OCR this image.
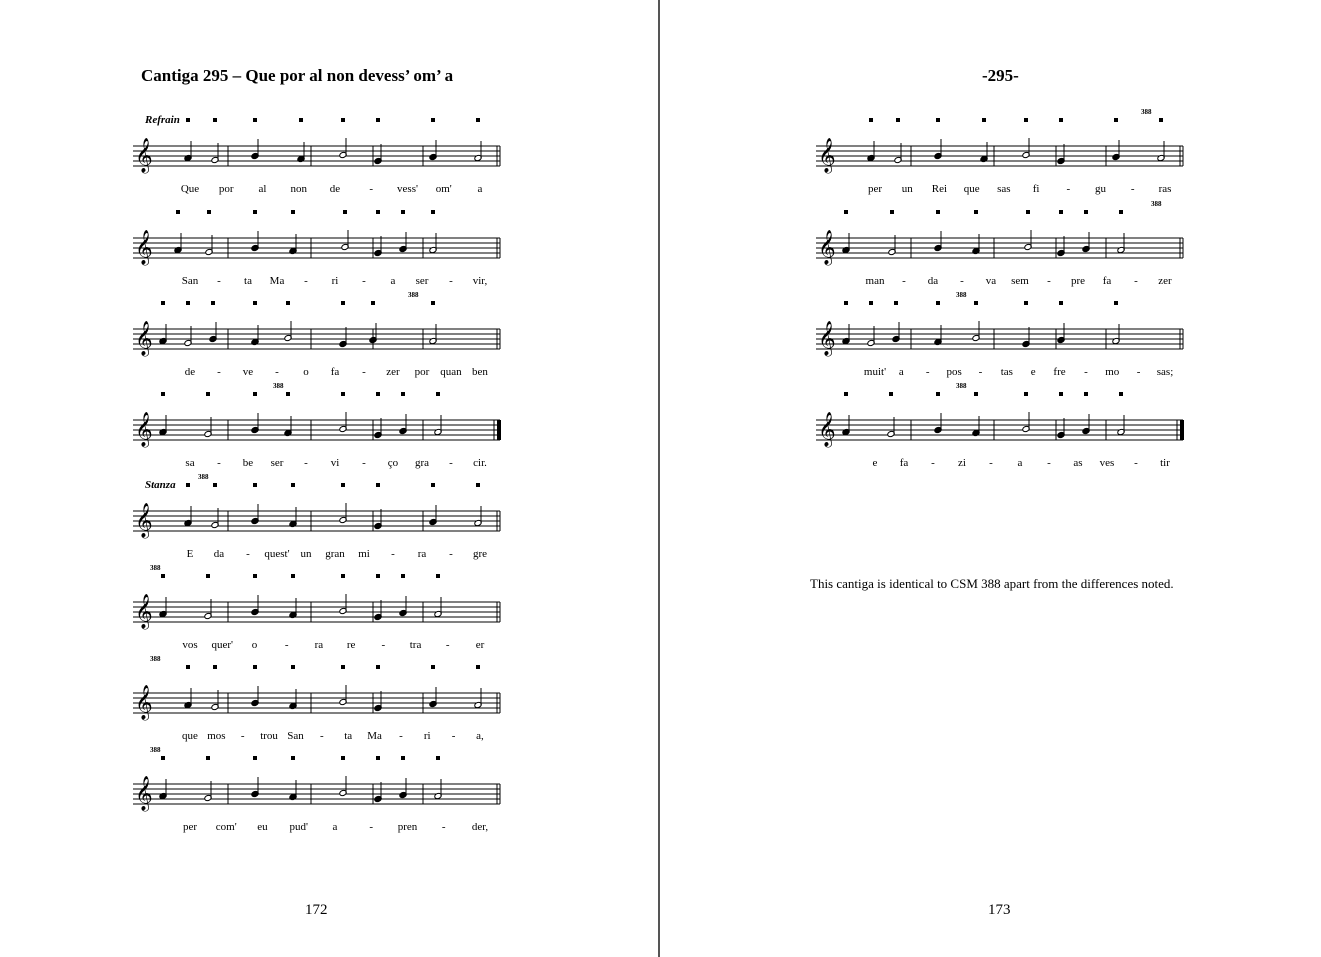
Cantiga 295 – Que por al non devess’ om’ a
𝄞
Refrain
Que por al non de	- vess' om' a
𝄞
San - ta Ma - ri - a ser - vir,
𝄞
388
de - ve - o fa - zer por quan ben
𝄞
388
sa - be ser - vi - ço gra - cir.
𝄞
388
Stanza
E da - quest' un gran mi - ra - gre
𝄞
388
vos quer' o	- ra re - tra - er
𝄞
388
que mos - trou San - ta Ma - ri - a,
𝄞
388
per com' eu pud' a	- pren - der,
172
-295-
𝄞
388
per un Rei que sas fi - gu - ras
𝄞
388
man - da - va sem - pre fa - zer
𝄞
388
muit' a - pos - tas e fre - mo - sas;
𝄞
388
e fa - zi - a - as ves - tir
This cantiga is identical to CSM 388 apart from the differences noted.
173
